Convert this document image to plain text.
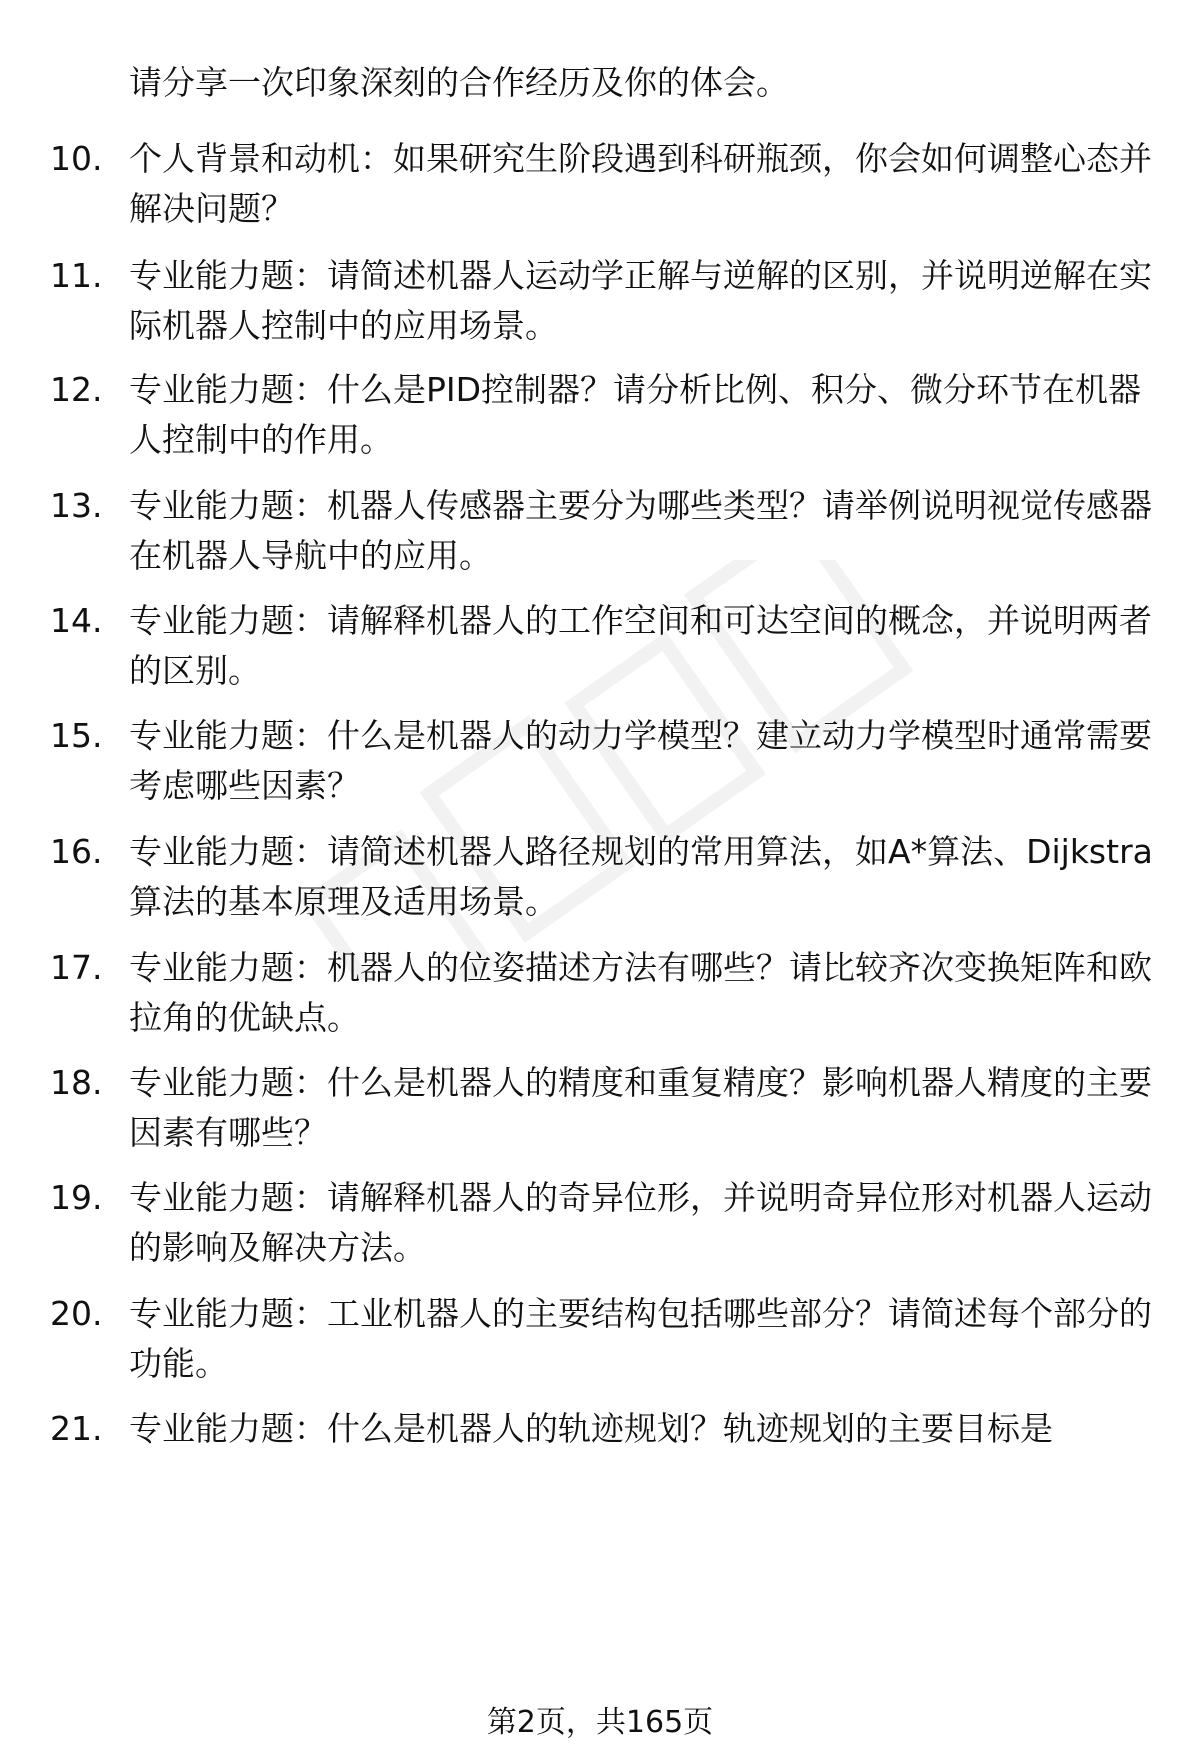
请分享一次印象深刻的合作经历及你的体会。
10. 个人背景和动机：如果研究生阶段遇到科研瓶颈，你会如何调整心态并解决问题？
11. 专业能力题：请简述机器人运动学正解与逆解的区别，并说明逆解在实际机器人控制中的应用场景。
12. 专业能力题：什么是PID控制器？请分析比例、积分、微分环节在机器人控制中的作用。
13. 专业能力题：机器人传感器主要分为哪些类型？请举例说明视觉传感器在机器人导航中的应用。
14. 专业能力题：请解释机器人的工作空间和可达空间的概念，并说明两者的区别。
15. 专业能力题：什么是机器人的动力学模型？建立动力学模型时通常需要考虑哪些因素？
16. 专业能力题：请简述机器人路径规划的常用算法，如A*算法、Dijkstra算法的基本原理及适用场景。
17. 专业能力题：机器人的位姿描述方法有哪些？请比较齐次变换矩阵和欧拉角的优缺点。
18. 专业能力题：什么是机器人的精度和重复精度？影响机器人精度的主要因素有哪些？
19. 专业能力题：请解释机器人的奇异位形，并说明奇异位形对机器人运动的影响及解决方法。
20. 专业能力题：工业机器人的主要结构包括哪些部分？请简述每个部分的功能。
21. 专业能力题：什么是机器人的轨迹规划？轨迹规划的主要目标是
第2页，共165页
